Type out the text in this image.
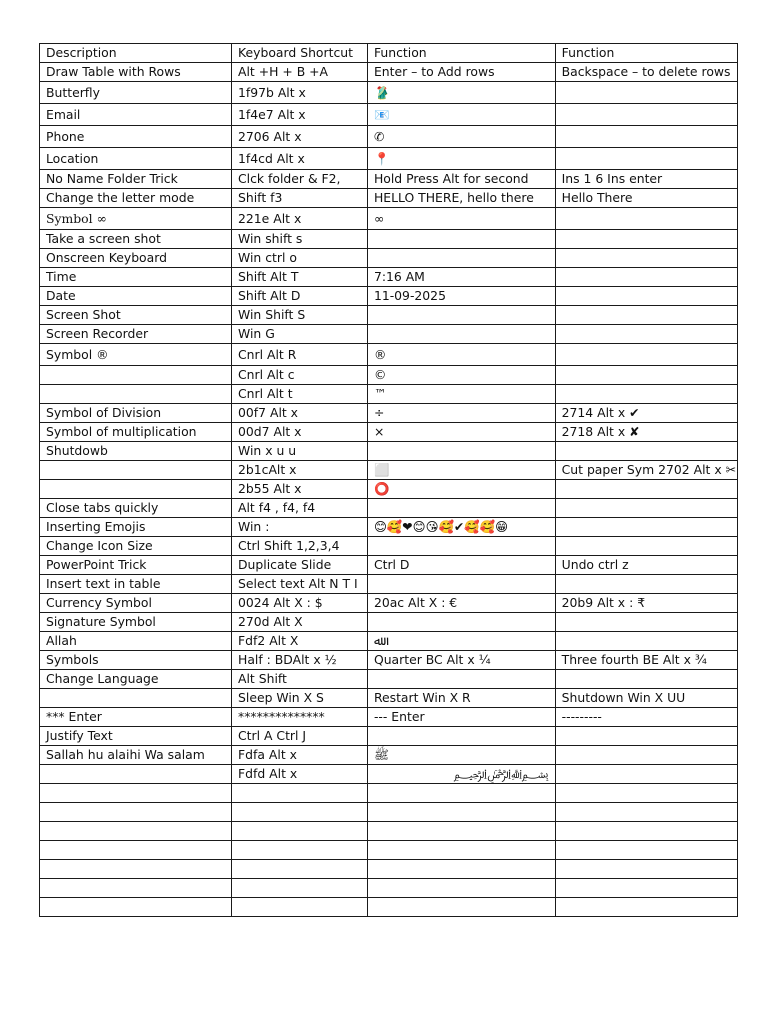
Description	Keyboard Shortcut	Function	Function
Draw Table with Rows	Alt +H + B +A	Enter – to Add rows	Backspace – to delete rows
Butterfly	1f97b Alt x	🥻	
Email	1f4e7 Alt x	📧	
Phone	2706 Alt x	✆	
Location	1f4cd Alt x	📍	
No Name Folder Trick	Clck folder & F2,	Hold Press Alt for second	Ins 1 6 Ins enter
Change the letter mode	Shift f3	HELLO THERE, hello there	Hello There
Symbol ∞	221e Alt x	∞	
Take a screen shot	Win shift s		
Onscreen Keyboard	Win ctrl o		
Time	Shift Alt T	7:16 AM	
Date	Shift Alt D	11-09-2025	
Screen Shot	Win Shift S		
Screen Recorder	Win G		
Symbol ®	Cnrl Alt R	®	
	Cnrl Alt c	©	
	Cnrl Alt t	™	
Symbol of Division	00f7 Alt x	÷	2714 Alt x ✔
Symbol of multiplication	00d7 Alt x	×	2718 Alt x ✘
Shutdowb	Win x u u		
	2b1cAlt x	⬜	Cut paper Sym 2702 Alt x ✂
	2b55 Alt x	⭕	
Close tabs quickly	Alt f4 , f4, f4		
Inserting Emojis	Win :	😊🥰❤😊😘🥰✔🥰🥰😁	
Change Icon Size	Ctrl Shift 1,2,3,4		
PowerPoint Trick	Duplicate Slide	Ctrl D	Undo ctrl z
Insert text in table	Select text Alt N T I		
Currency Symbol	0024 Alt X : $	20ac Alt X : €	20b9 Alt x : ₹
Signature Symbol	270d Alt X		
Allah	Fdf2 Alt X	ﷲ	
Symbols	Half : BDAlt x ½	Quarter BC Alt x ¼	Three fourth BE Alt x ¾
Change Language	Alt Shift		
	Sleep Win X S	Restart Win X R	Shutdown Win X UU
*** Enter	**************	--- Enter	---------
Justify Text	Ctrl A Ctrl J		
Sallah hu alaihi Wa salam	Fdfa Alt x	ﷺ	
	Fdfd Alt x	﷽	
